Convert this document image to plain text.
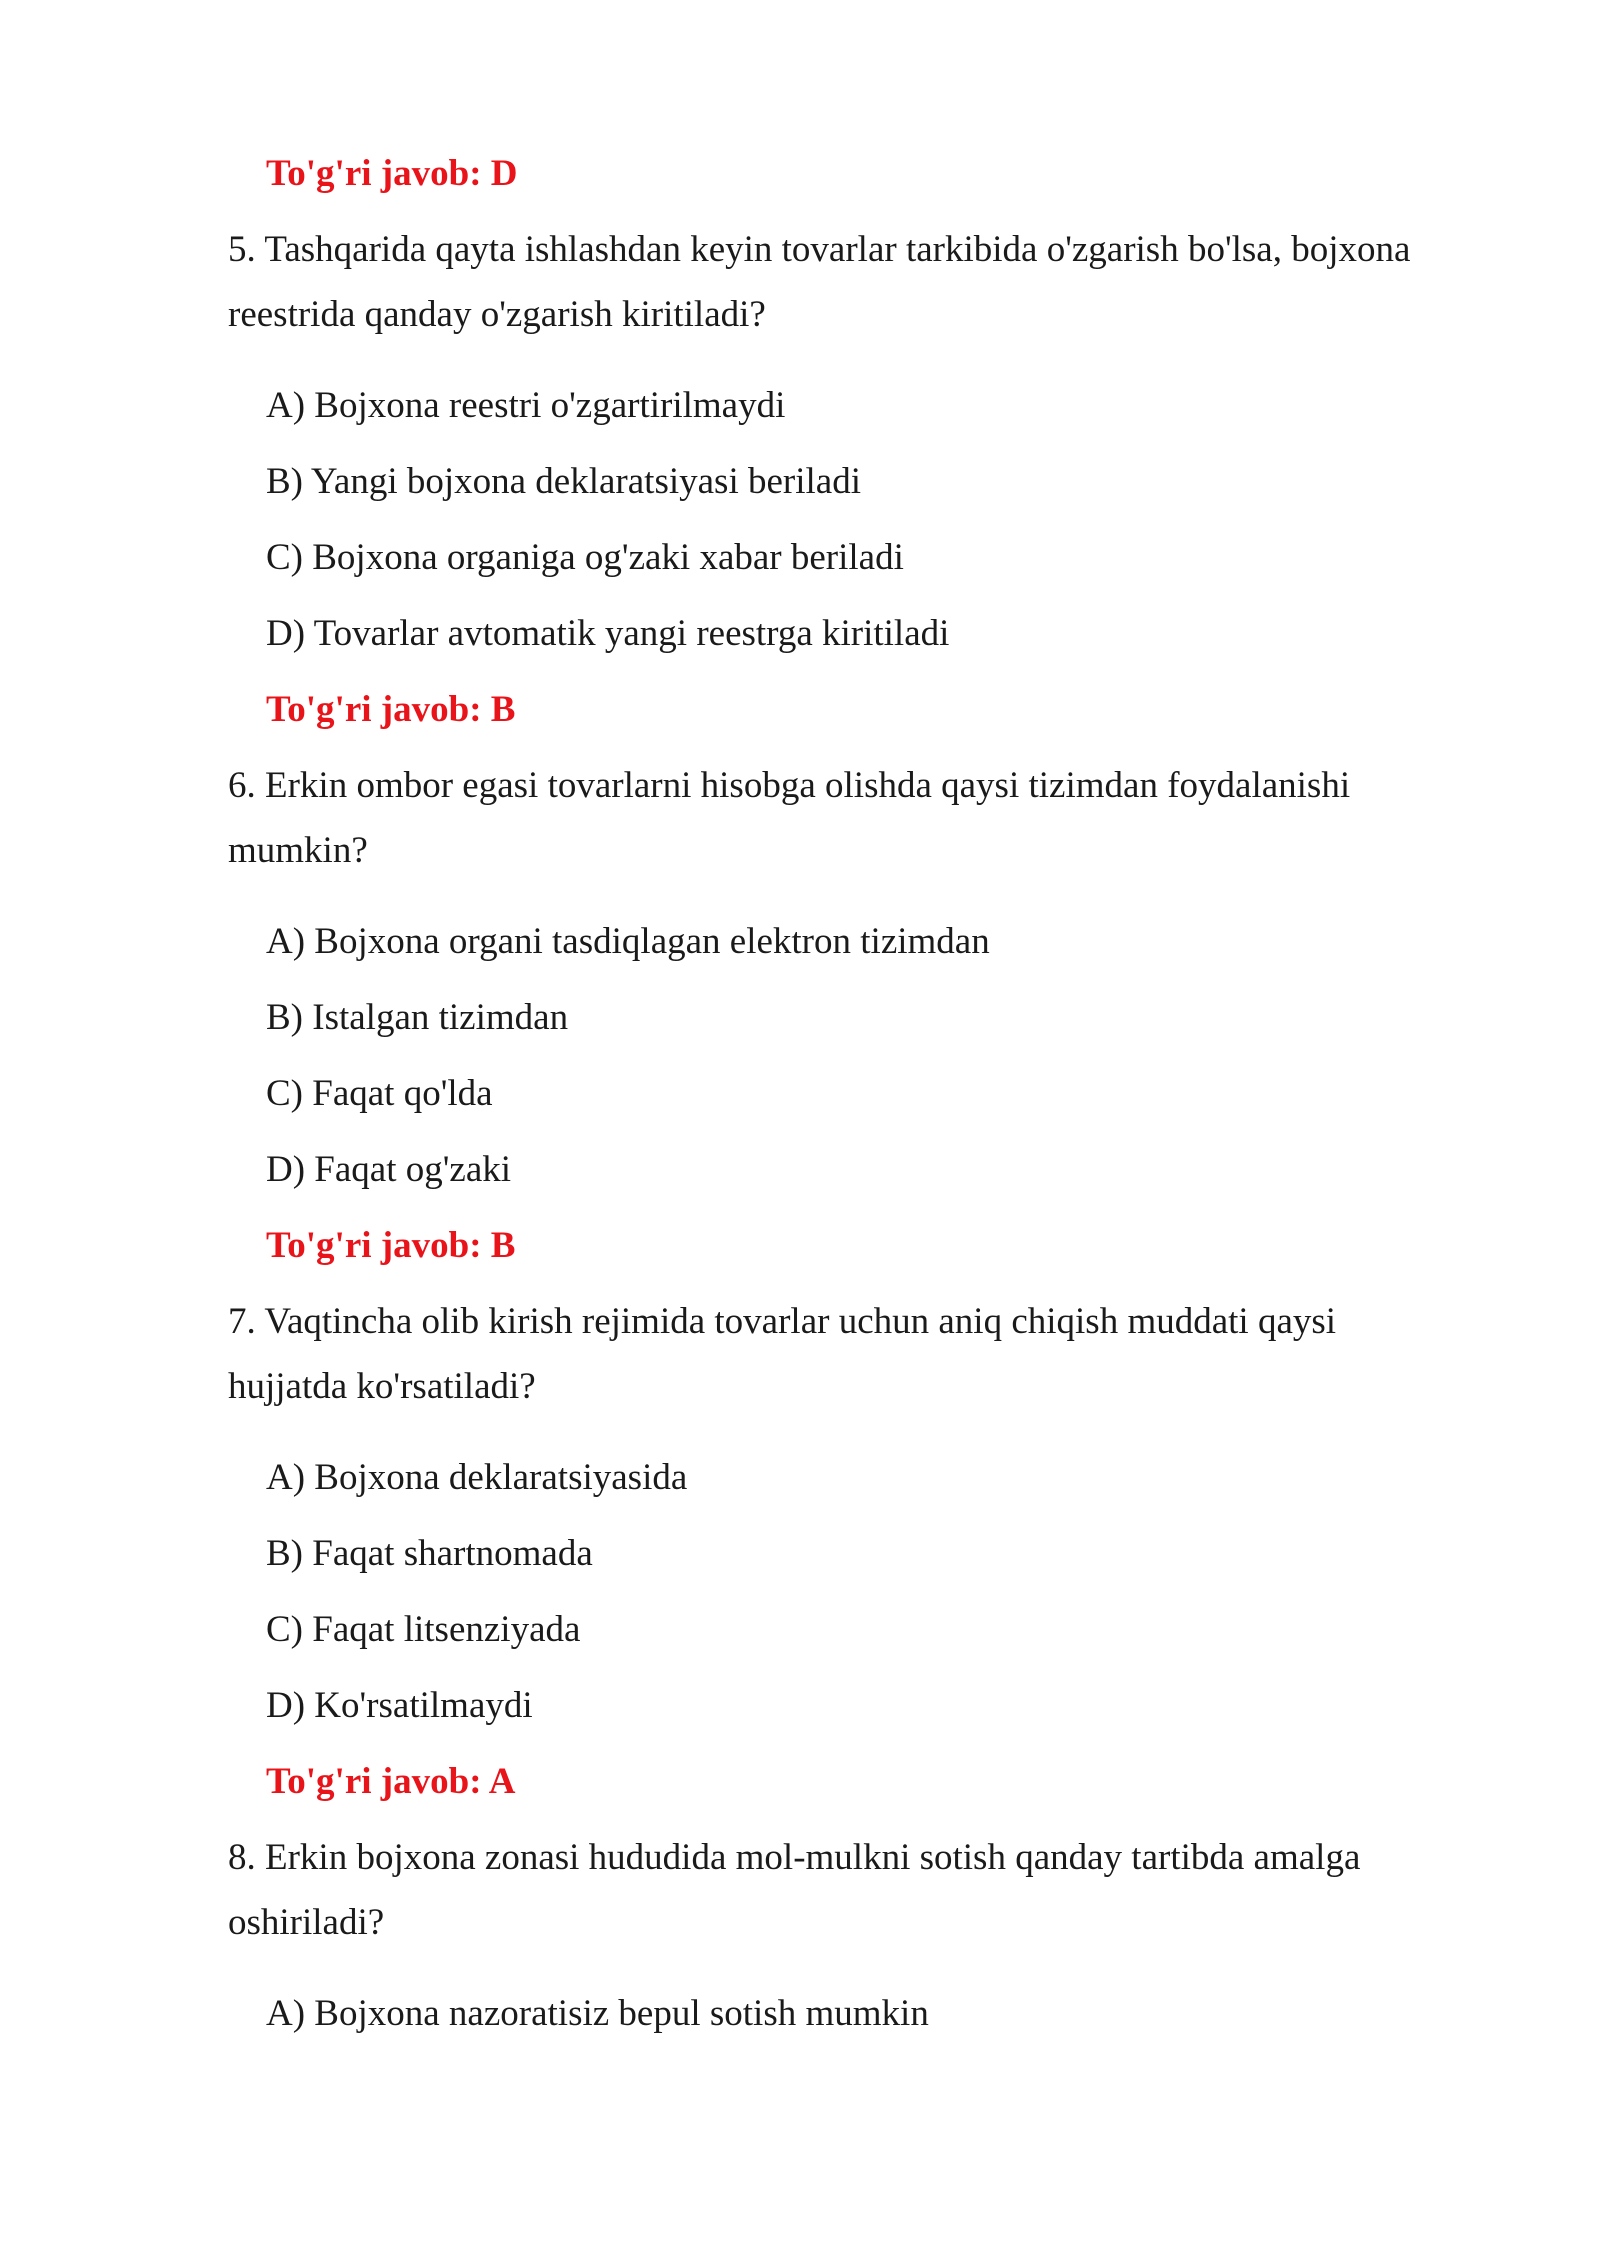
To'g'ri javob: D
5. Tashqarida qayta ishlashdan keyin tovarlar tarkibida o'zgarish bo'lsa, bojxona
reestrida qanday o'zgarish kiritiladi?
A) Bojxona reestri o'zgartirilmaydi
B) Yangi bojxona deklaratsiyasi beriladi
C) Bojxona organiga og'zaki xabar beriladi
D) Tovarlar avtomatik yangi reestrga kiritiladi
To'g'ri javob: B
6. Erkin ombor egasi tovarlarni hisobga olishda qaysi tizimdan foydalanishi
mumkin?
A) Bojxona organi tasdiqlagan elektron tizimdan
B) Istalgan tizimdan
C) Faqat qo'lda
D) Faqat og'zaki
To'g'ri javob: B
7. Vaqtincha olib kirish rejimida tovarlar uchun aniq chiqish muddati qaysi
hujjatda ko'rsatiladi?
A) Bojxona deklaratsiyasida
B) Faqat shartnomada
C) Faqat litsenziyada
D) Ko'rsatilmaydi
To'g'ri javob: A
8. Erkin bojxona zonasi hududida mol-mulkni sotish qanday tartibda amalga
oshiriladi?
A) Bojxona nazoratisiz bepul sotish mumkin
